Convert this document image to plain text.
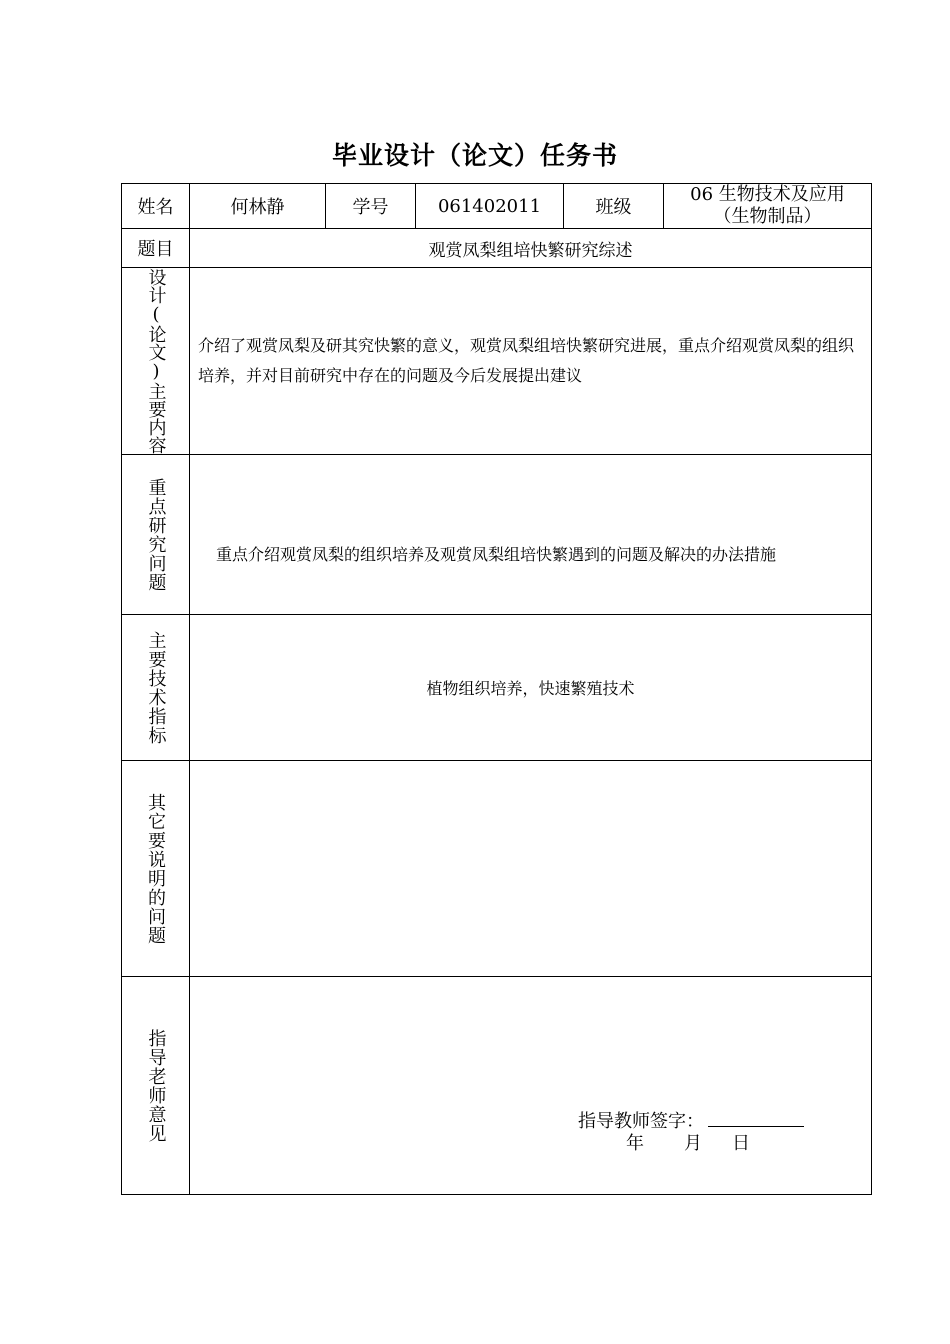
毕业设计（论文）任务书
姓名	何林静	学号	061402011	班级	06 生物技术及应用
（生物制品）

题目	观赏凤梨组培快繁研究综述				

设计(论文)主要内容	介绍了观赏凤梨及研其究快繁的意义，观赏凤梨组培快繁研究进展，重点介绍观赏凤梨的组织培养，并对目前研究中存在的问题及今后发展提出建议				

重点研究问题	重点介绍观赏凤梨的组织培养及观赏凤梨组培快繁遇到的问题及解决的办法措施				

主要技术指标	植物组织培养，快速繁殖技术				

其它要说明的问题					

指导老师意见	指导教师签字：
年 月 日				
